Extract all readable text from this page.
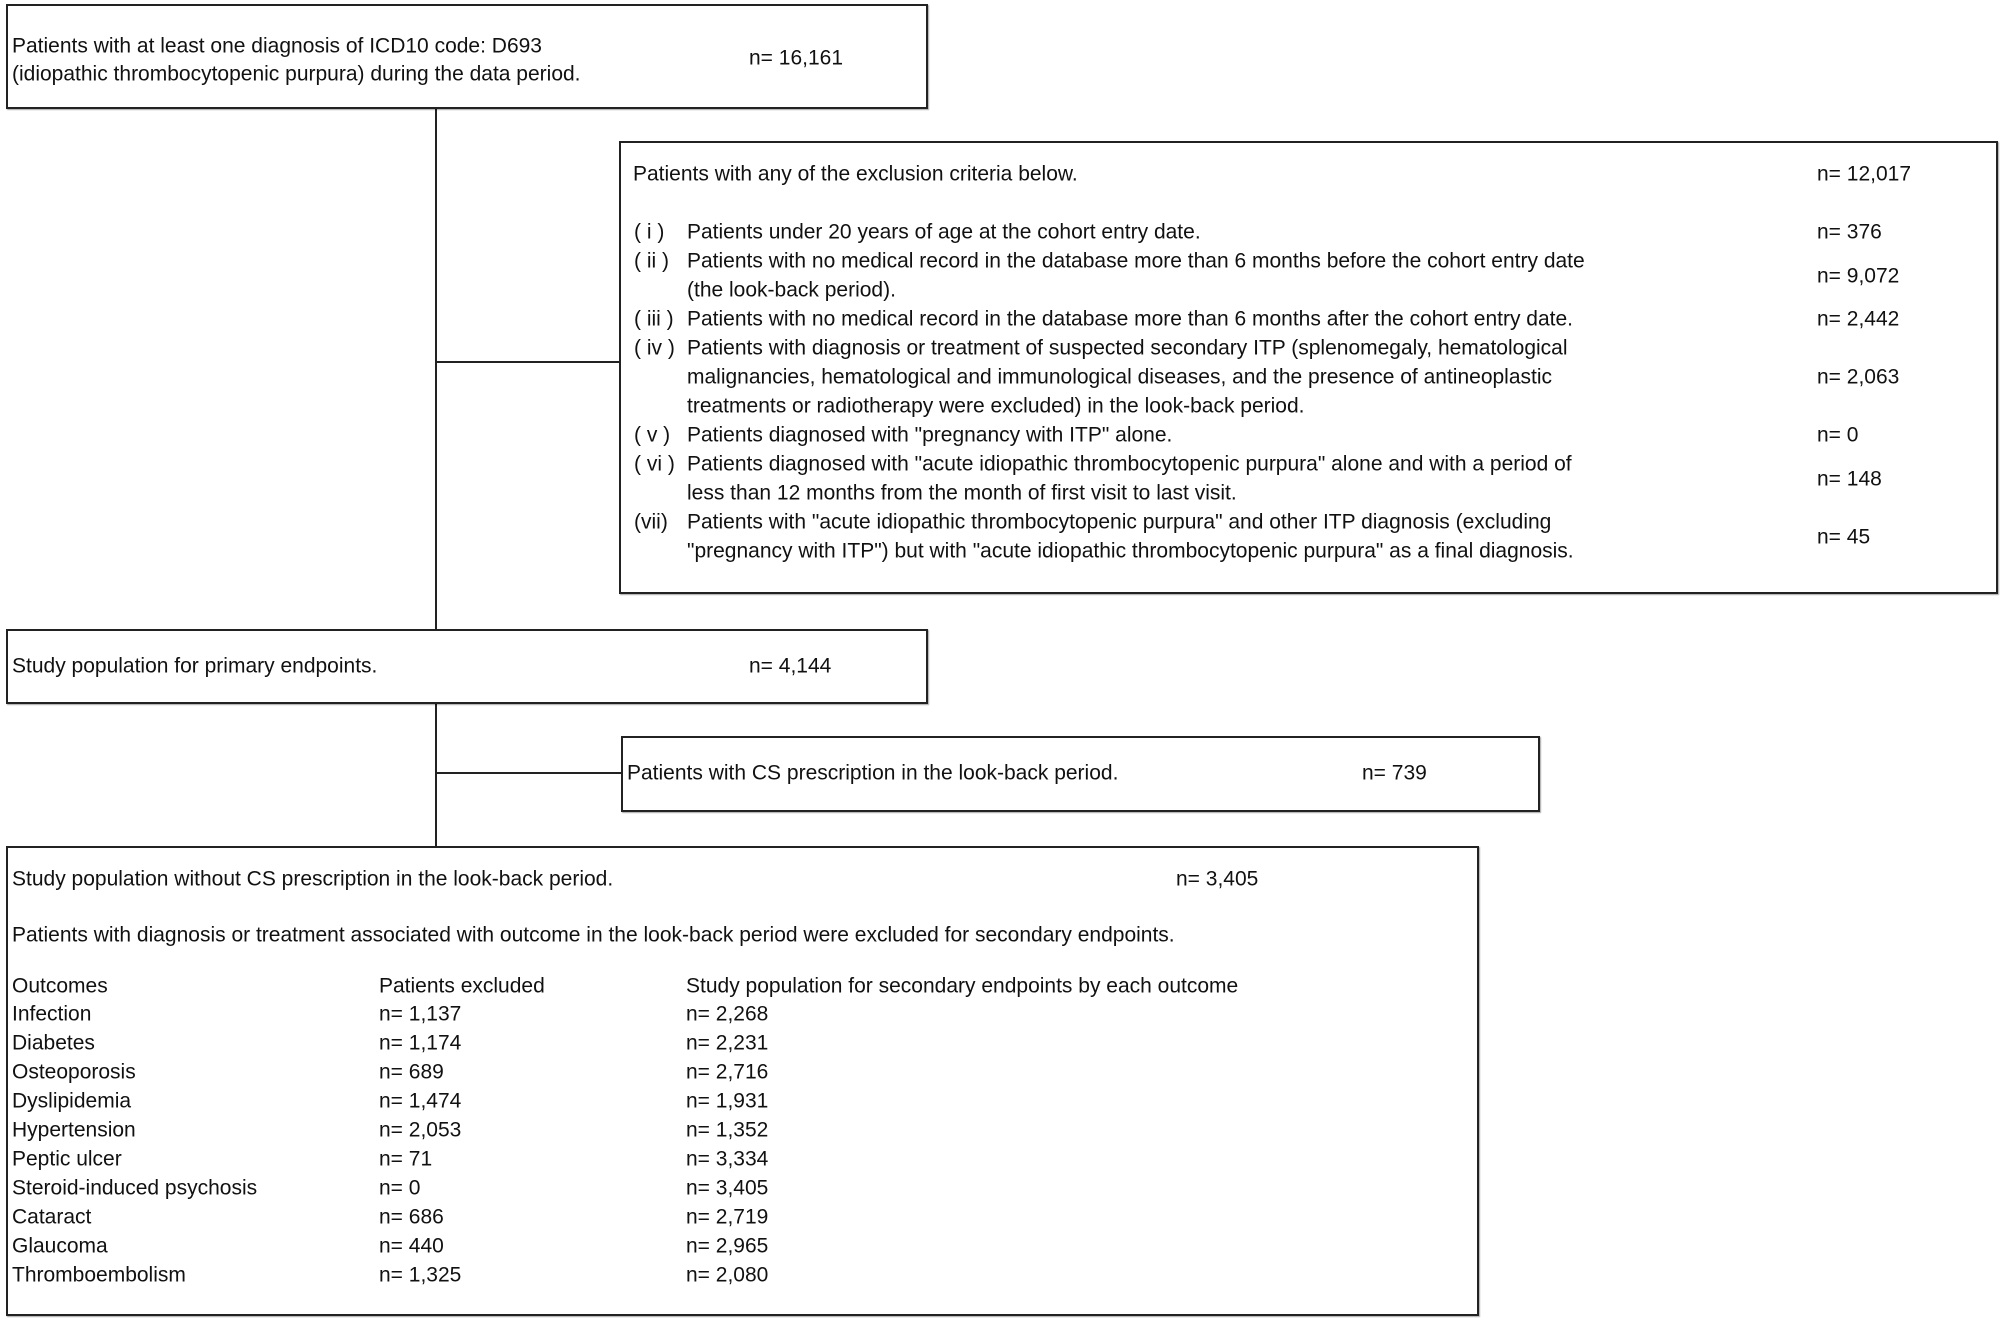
Patients with at least one diagnosis of ICD10 code: D693
(idiopathic thrombocytopenic purpura) during the data period.
n= 16,161
Patients with any of the exclusion criteria below.	n= 12,017
( i ) Patients under 20 years of age at the cohort entry date.	n= 376
( ii ) Patients with no medical record in the database more than 6 months before the cohort entry date
(the look-back period).
n= 9,072
( iii ) Patients with no medical record in the database more than 6 months after the cohort entry date.	n= 2,442
( iv ) Patients with diagnosis or treatment of suspected secondary ITP (splenomegaly, hematological
malignancies, hematological and immunological diseases, and the presence of antineoplastic
treatments or radiotherapy were excluded) in the look-back period.
n= 2,063
( v ) Patients diagnosed with "pregnancy with ITP" alone.	n= 0
( vi ) Patients diagnosed with "acute idiopathic thrombocytopenic purpura" alone and with a period of
less than 12 months from the month of first visit to last visit.
n= 148
(vii) Patients with "acute idiopathic thrombocytopenic purpura" and other ITP diagnosis (excluding
"pregnancy with ITP") but with "acute idiopathic thrombocytopenic purpura" as a final diagnosis.
n= 45
Study population for primary endpoints.	n= 4,144
Patients with CS prescription in the look-back period.	n= 739
Study population without CS prescription in the look-back period.	n= 3,405
Patients with diagnosis or treatment associated with outcome in the look-back period were excluded for secondary endpoints.
Outcomes	Patients excluded	Study population for secondary endpoints by each outcome
Infection	n= 1,137	n= 2,268
Diabetes	n= 1,174	n= 2,231
Osteoporosis	n= 689	n= 2,716
Dyslipidemia	n= 1,474	n= 1,931
Hypertension	n= 2,053	n= 1,352
Peptic ulcer	n= 71	n= 3,334
Steroid-induced psychosis	n= 0	n= 3,405
Cataract	n= 686	n= 2,719
Glaucoma	n= 440	n= 2,965
Thromboembolism	n= 1,325	n= 2,080
